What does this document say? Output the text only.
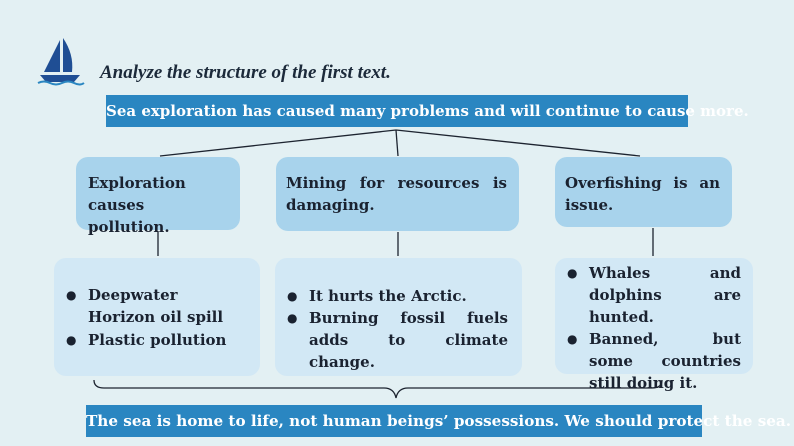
Analyze the structure of the first text.
Sea exploration has caused many problems and will continue to cause more.
Exploration causes pollution.
Mining for resources is damaging.
Overfishing is an issue.
● Deepwater Horizon oil spill
● Plastic pollution
● It hurts the Arctic.
● Burning fossil fuels adds to climate change.
● Whales and dolphins are hunted.
● Banned, but some countries still doing it.
The sea is home to life, not human beings’ possessions. We should protect the sea.
